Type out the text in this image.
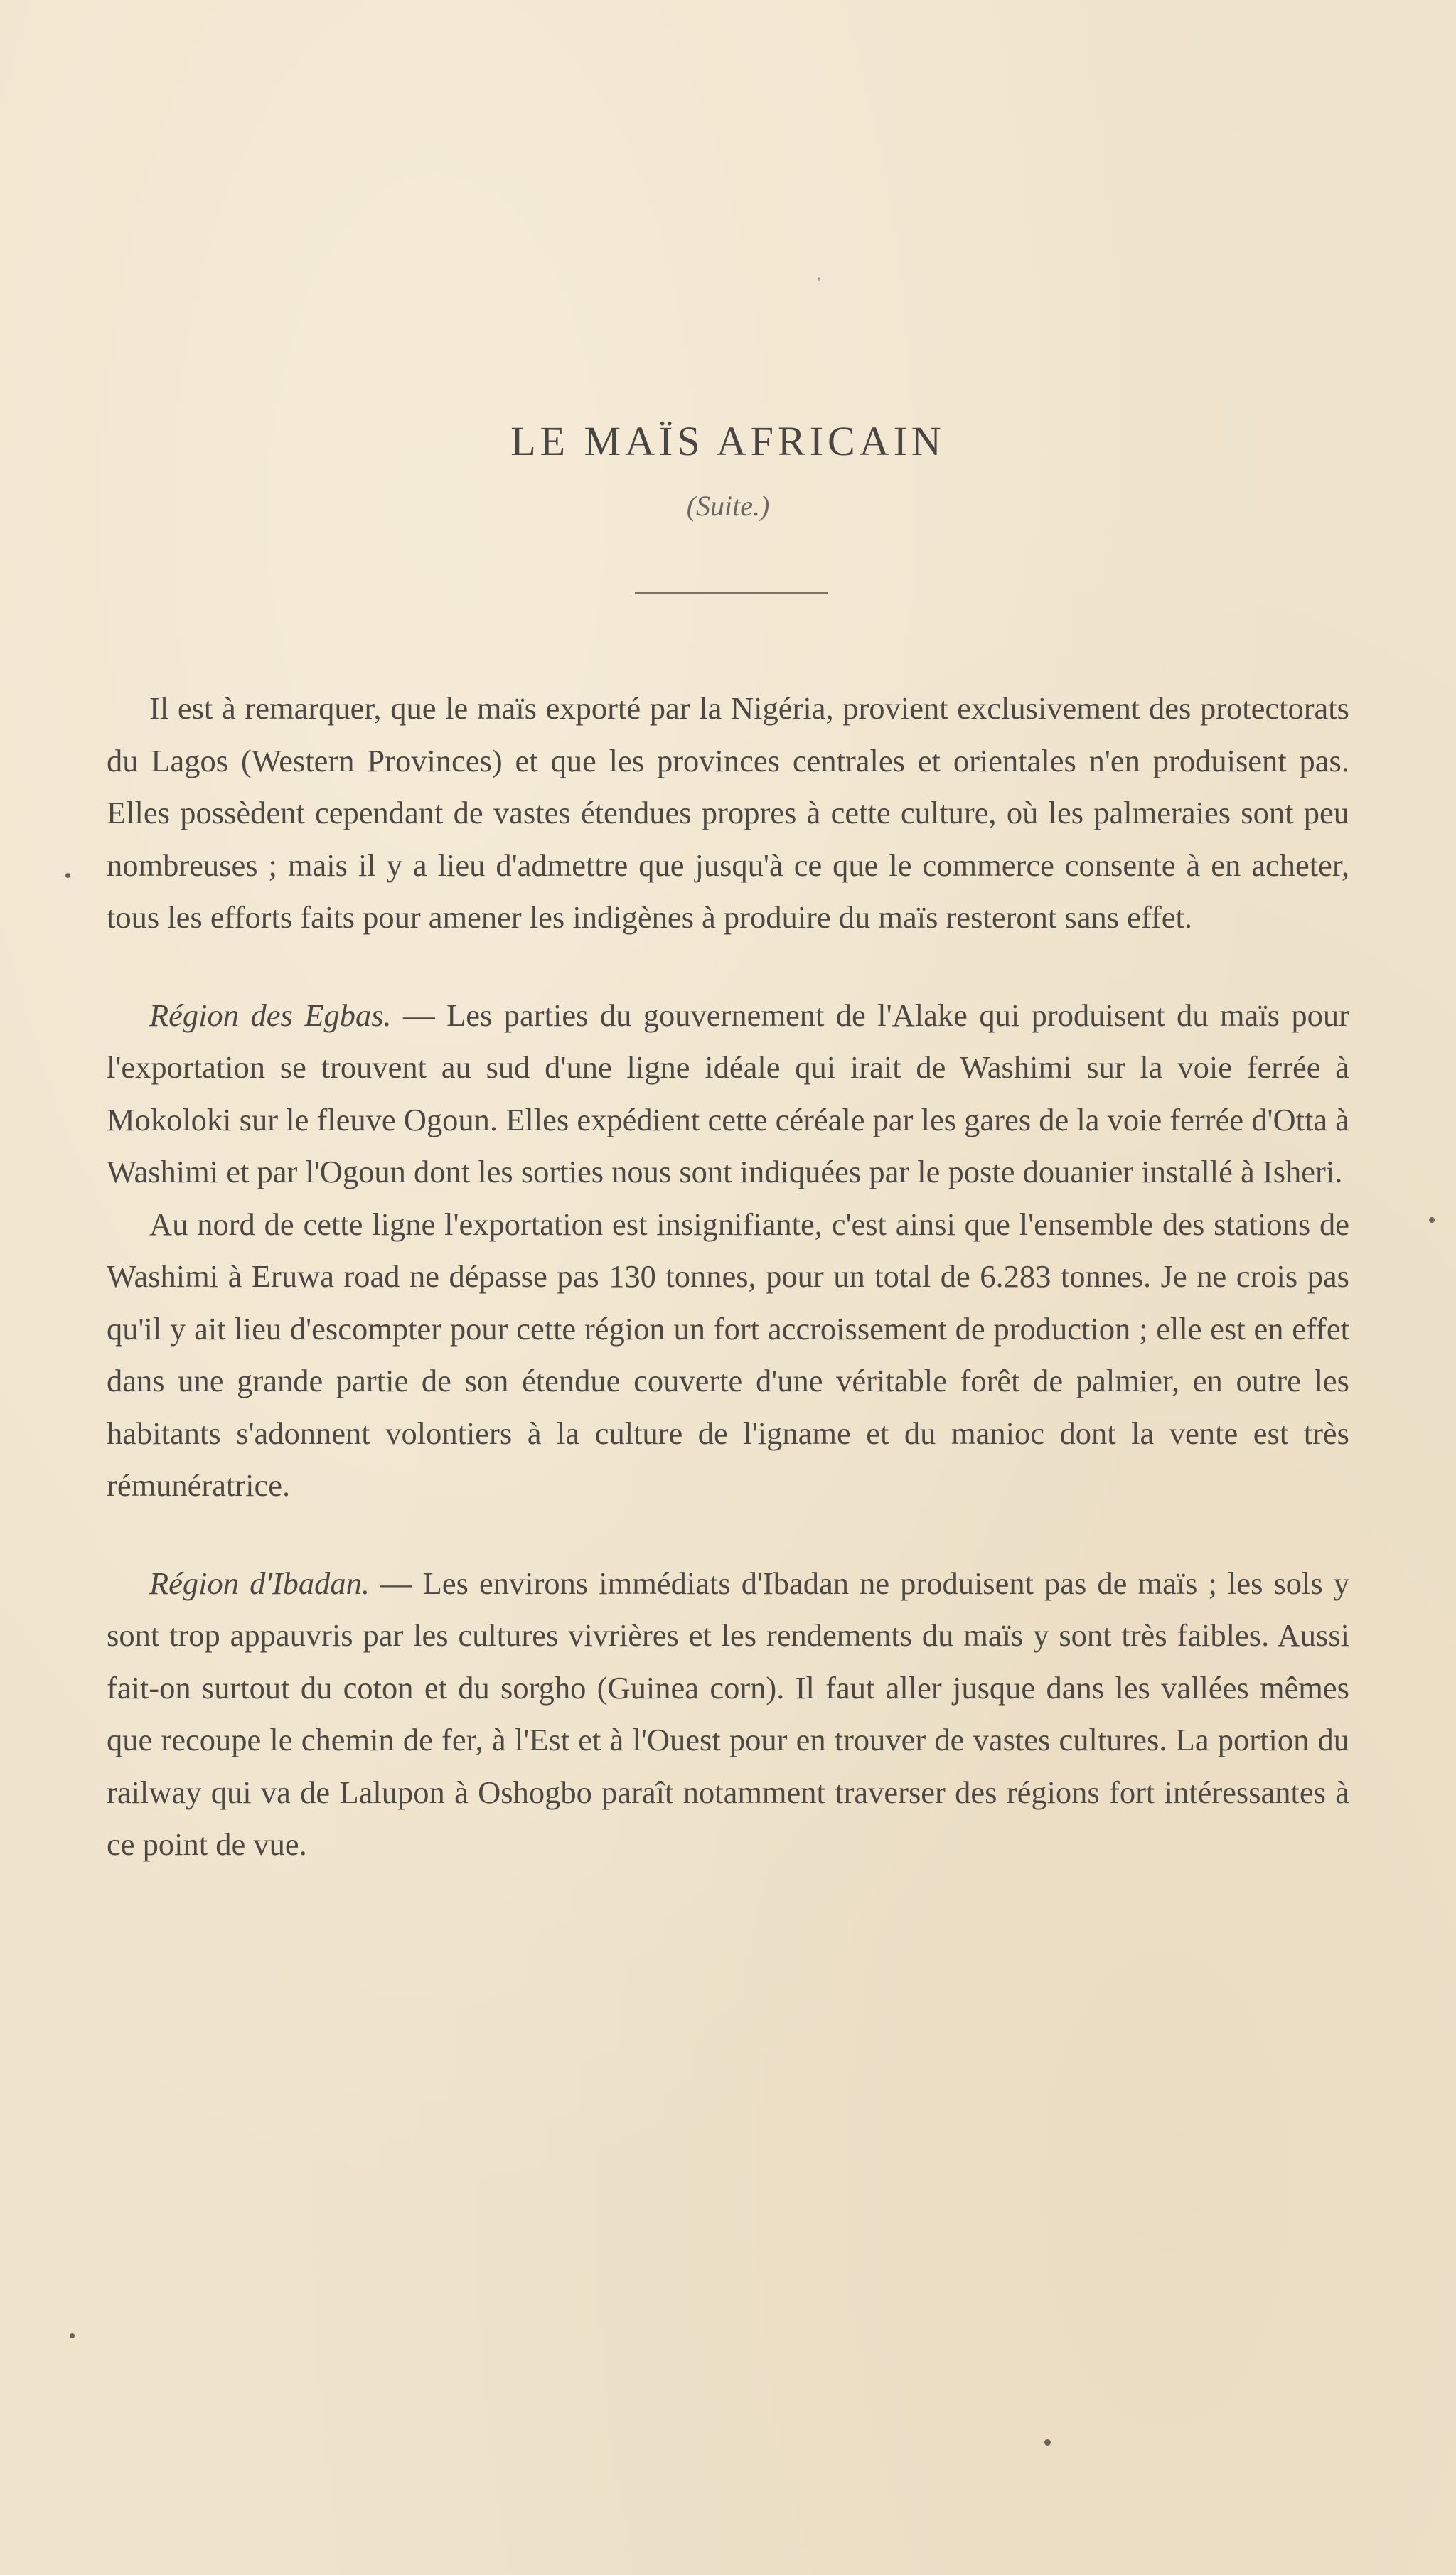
LE MAÏS AFRICAIN
(Suite.)

Il est à remarquer, que le maïs exporté par la Nigéria, provient exclusivement des protectorats du Lagos (Western Provinces) et que les provinces centrales et orientales n'en produisent pas. Elles possèdent cependant de vastes étendues propres à cette culture, où les palmeraies sont peu nombreuses ; mais il y a lieu d'admettre que jusqu'à ce que le commerce consente à en acheter, tous les efforts faits pour amener les indigènes à produire du maïs resteront sans effet.

Région des Egbas. — Les parties du gouvernement de l'Alake qui produisent du maïs pour l'exportation se trouvent au sud d'une ligne idéale qui irait de Washimi sur la voie ferrée à Mokoloki sur le fleuve Ogoun. Elles expédient cette céréale par les gares de la voie ferrée d'Otta à Washimi et par l'Ogoun dont les sorties nous sont indiquées par le poste douanier installé à Isheri.

Au nord de cette ligne l'exportation est insignifiante, c'est ainsi que l'ensemble des stations de Washimi à Eruwa road ne dépasse pas 130 tonnes, pour un total de 6.283 tonnes. Je ne crois pas qu'il y ait lieu d'escompter pour cette région un fort accroissement de production ; elle est en effet dans une grande partie de son étendue couverte d'une véritable forêt de palmier, en outre les habitants s'adonnent volontiers à la culture de l'igname et du manioc dont la vente est très rémunératrice.

Région d'Ibadan. — Les environs immédiats d'Ibadan ne produisent pas de maïs ; les sols y sont trop appauvris par les cultures vivrières et les rendements du maïs y sont très faibles. Aussi fait-on surtout du coton et du sorgho (Guinea corn). Il faut aller jusque dans les vallées mêmes que recoupe le chemin de fer, à l'Est et à l'Ouest pour en trouver de vastes cultures. La portion du railway qui va de Lalupon à Oshogbo paraît notamment traverser des régions fort intéressantes à ce point de vue.
